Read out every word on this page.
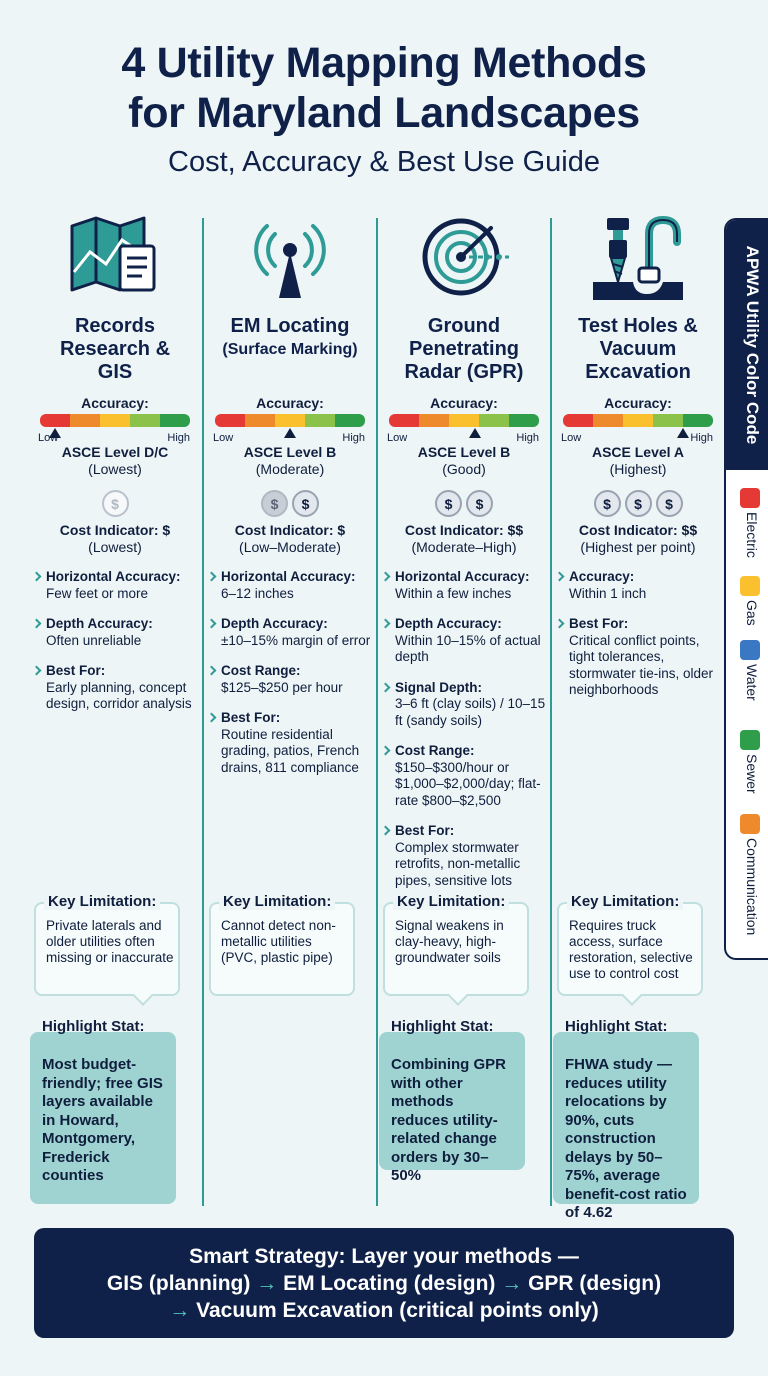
4 Utility Mapping Methods
for Maryland Landscapes
Cost, Accuracy & Best Use Guide
Records Research & GIS
Accuracy:
Low	High
ASCE Level D/C
(Lowest)
$
Cost Indicator: $
(Lowest)
Horizontal Accuracy:
Few feet or more
Depth Accuracy:
Often unreliable
Best For:
Early planning, concept design, corridor analysis
Key Limitation:
Private laterals and older utilities often missing or inaccurate
Most budget-friendly; free GIS layers available in Howard, Montgomery, Frederick counties
Highlight Stat:
EM Locating
(Surface Marking)
Accuracy:
Low	High
ASCE Level B
(Moderate)
$	$
Cost Indicator: $
(Low–Moderate)
Horizontal Accuracy:
6–12 inches
Depth Accuracy:
±10–15% margin of error
Cost Range:
$125–$250 per hour
Best For:
Routine residential grading, patios, French drains, 811 compliance
Key Limitation:
Cannot detect non-metallic utilities (PVC, plastic pipe)
Ground Penetrating Radar (GPR)
Accuracy:
Low	High
ASCE Level B
(Good)
$	$
Cost Indicator: $$
(Moderate–High)
Horizontal Accuracy:
Within a few inches
Depth Accuracy:
Within 10–15% of actual depth
Signal Depth:
3–6 ft (clay soils) / 10–15 ft (sandy soils)
Cost Range:
$150–$300/hour or $1,000–$2,000/day; flat-rate $800–$2,500
Best For:
Complex stormwater retrofits, non-metallic pipes, sensitive lots
Key Limitation:
Signal weakens in clay-heavy, high-groundwater soils
Combining GPR with other methods reduces utility-related change orders by 30–50%
Highlight Stat:
Test Holes & Vacuum Excavation
Accuracy:
Low	High
ASCE Level A
(Highest)
$	$	$
Cost Indicator: $$
(Highest per point)
Accuracy:
Within 1 inch
Best For:
Critical conflict points, tight tolerances, stormwater tie-ins, older neighborhoods
Key Limitation:
Requires truck access, surface restoration, selective use to control cost
FHWA study — reduces utility relocations by 90%, cuts construction delays by 50–75%, average benefit-cost ratio of 4.62
Highlight Stat:
APWA Utility Color Code
Electric
Gas
Water
Sewer
Communication
Smart Strategy: Layer your methods —
GIS (planning) → EM Locating (design) → GPR (design)
→ Vacuum Excavation (critical points only)
